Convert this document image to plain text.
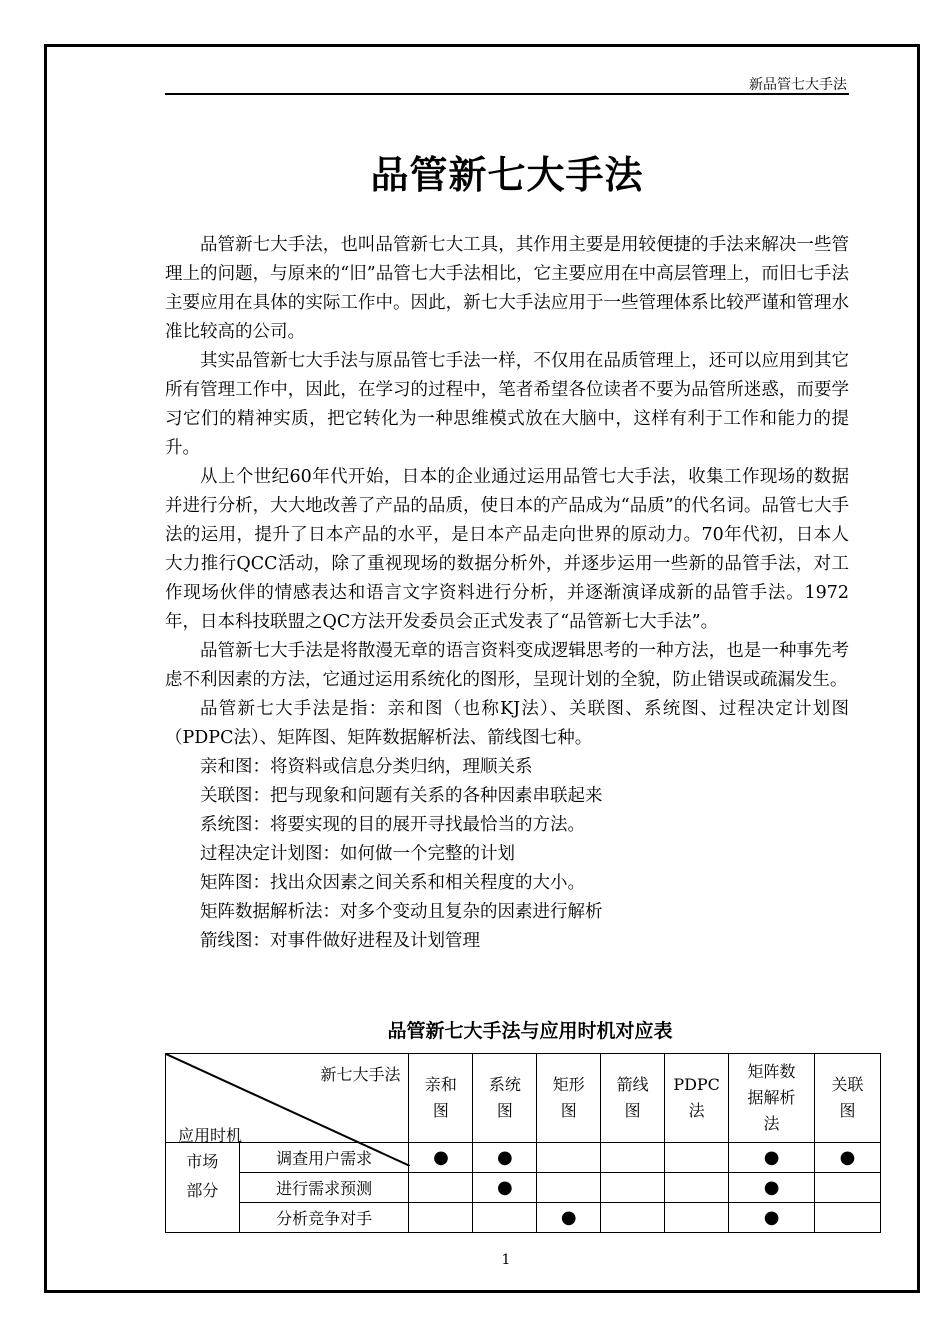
新品管七大手法
品管新七大手法

品管新七大手法，也叫品管新七大工具，其作用主要是用较便捷的手法来解决一些管理上的问题，与原来的“旧”品管七大手法相比，它主要应用在中高层管理上，而旧七手法主要应用在具体的实际工作中。因此，新七大手法应用于一些管理体系比较严谨和管理水准比较高的公司。

其实品管新七大手法与原品管七手法一样，不仅用在品质管理上，还可以应用到其它所有管理工作中，因此，在学习的过程中，笔者希望各位读者不要为品管所迷惑，而要学习它们的精神实质，把它转化为一种思维模式放在大脑中，这样有利于工作和能力的提升。

从上个世纪60年代开始，日本的企业通过运用品管七大手法，收集工作现场的数据并进行分析，大大地改善了产品的品质，使日本的产品成为“品质”的代名词。品管七大手法的运用，提升了日本产品的水平，是日本产品走向世界的原动力。70年代初，日本人大力推行QCC活动，除了重视现场的数据分析外，并逐步运用一些新的品管手法，对工作现场伙伴的情感表达和语言文字资料进行分析，并逐渐演译成新的品管手法。1972年，日本科技联盟之QC方法开发委员会正式发表了“品管新七大手法”。

品管新七大手法是将散漫无章的语言资料变成逻辑思考的一种方法，也是一种事先考虑不利因素的方法，它通过运用系统化的图形，呈现计划的全貌，防止错误或疏漏发生。

品管新七大手法是指：亲和图（也称KJ法）、关联图、系统图、过程决定计划图（PDPC法）、矩阵图、矩阵数据解析法、箭线图七种。

亲和图：将资料或信息分类归纳，理顺关系
关联图：把与现象和问题有关系的各种因素串联起来
系统图：将要实现的目的展开寻找最恰当的方法。
过程决定计划图：如何做一个完整的计划
矩阵图：找出众因素之间关系和相关程度的大小。
矩阵数据解析法：对多个变动且复杂的因素进行解析
箭线图：对事件做好进程及计划管理
品管新七大手法与应用时机对应表
新七大手法
应用时机		亲和图	系统图	矩形图	箭线图	PDPC法	矩阵数据解析法	关联图
市场部分	调查用户需求	●	●				●	●
	进行需求预测		●				●	
	分析竞争对手			●			●	
1
